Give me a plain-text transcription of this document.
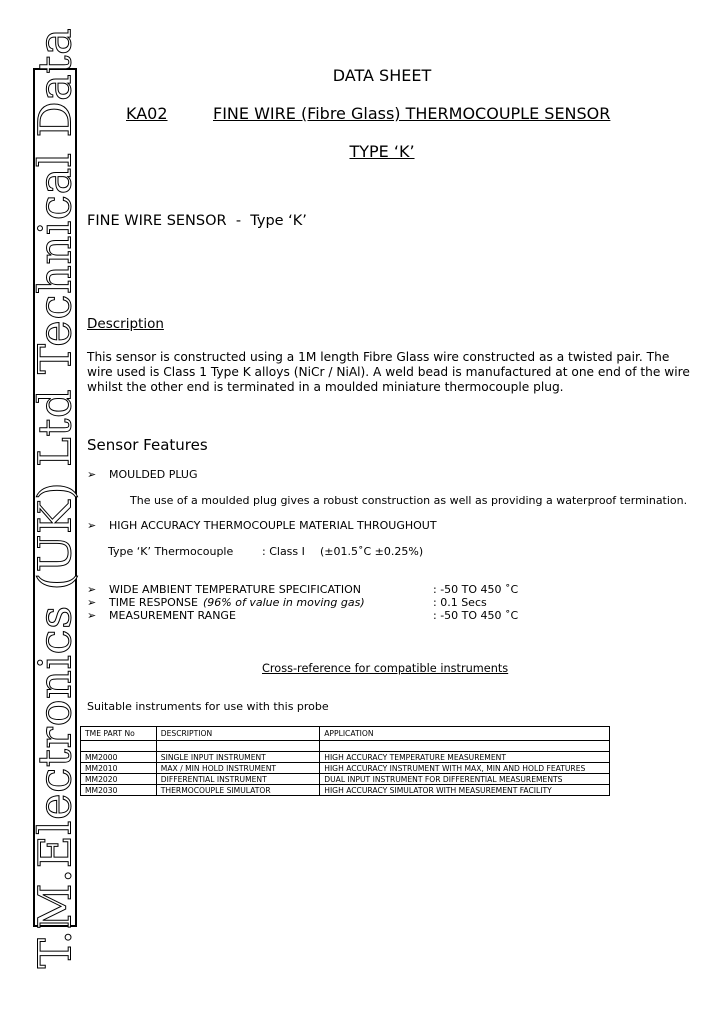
T.M.Electronics (UK) Ltd Technical Data	DATA SHEET
KA02	FINE WIRE (Fibre Glass) THERMOCOUPLE SENSOR
TYPE ‘K’
FINE WIRE SENSOR  -  Type ‘K’
Description
This sensor is constructed using a 1M length Fibre Glass wire constructed as a twisted pair. The
wire used is Class 1 Type K alloys (NiCr / NiAl). A weld bead is manufactured at one end of the wire
whilst the other end is terminated in a moulded miniature thermocouple plug.
Sensor Features
➢ MOULDED PLUG
The use of a moulded plug gives a robust construction as well as providing a waterproof termination.
➢ HIGH ACCURACY THERMOCOUPLE MATERIAL THROUGHOUT
Type ‘K’ Thermocouple	: Class I (±01.5˚C ±0.25%)
➢ WIDE AMBIENT TEMPERATURE SPECIFICATION	: -50 TO 450 ˚C
➢ TIME RESPONSE (96% of value in moving gas)	: 0.1 Secs
➢ MEASUREMENT RANGE	: -50 TO 450 ˚C
Cross-reference for compatible instruments
Suitable instruments for use with this probe
TME PART No	DESCRIPTION	APPLICATION

MM2000	SINGLE INPUT INSTRUMENT	HIGH ACCURACY TEMPERATURE MEASUREMENT
MM2010	MAX / MIN HOLD INSTRUMENT	HIGH ACCURACY INSTRUMENT WITH MAX, MIN AND HOLD FEATURES
MM2020	DIFFERENTIAL INSTRUMENT	DUAL INPUT INSTRUMENT FOR DIFFERENTIAL MEASUREMENTS
MM2030	THERMOCOUPLE SIMULATOR	HIGH ACCURACY SIMULATOR WITH MEASUREMENT FACILITY
